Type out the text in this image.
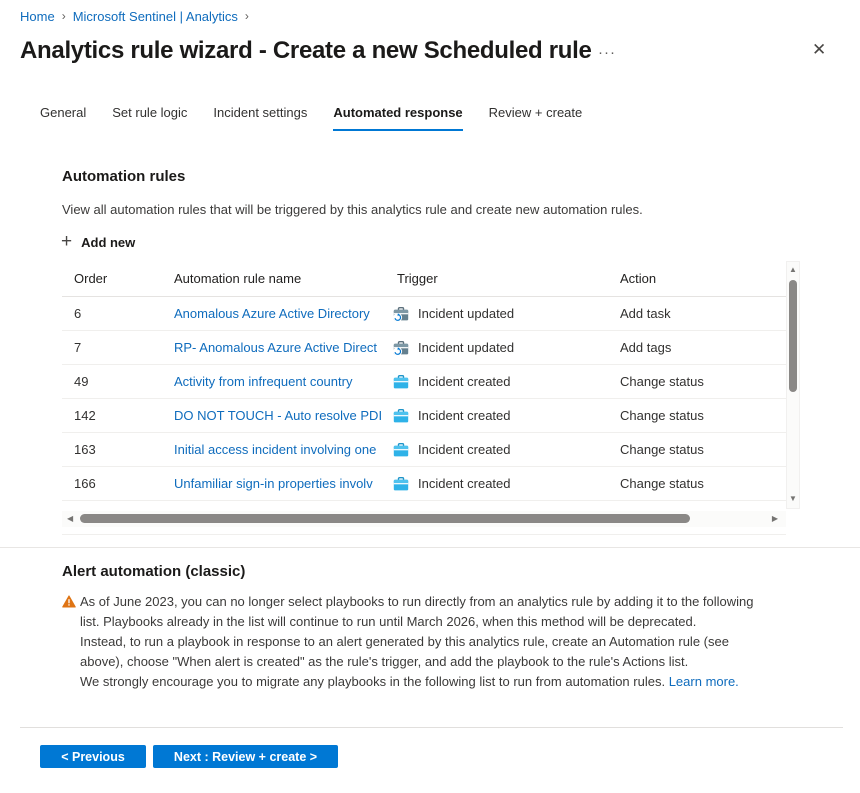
Home › Microsoft Sentinel | Analytics ›
Analytics rule wizard - Create a new Scheduled rule ···	✕
General Set rule logic Incident settings Automated response Review + create
Automation rules
View all automation rules that will be triggered by this analytics rule and create new automation rules.
+ Add new
Order	Automation rule name	Trigger	Action
6	Anomalous Azure Active Directory	Incident updated	Add task
7	RP- Anomalous Azure Active Direct	Incident updated	Add tags
49	Activity from infrequent country	Incident created	Change status
142	DO NOT TOUCH - Auto resolve PDI	Incident created	Change status
163	Initial access incident involving one	Incident created	Change status
166	Unfamiliar sign-in properties involv	Incident created	Change status
▲
▼
◀	▶
Alert automation (classic)
As of June 2023, you can no longer select playbooks to run directly from an analytics rule by adding it to the following
list. Playbooks already in the list will continue to run until March 2026, when this method will be deprecated.
Instead, to run a playbook in response to an alert generated by this analytics rule, create an Automation rule (see
above), choose "When alert is created" as the rule's trigger, and add the playbook to the rule's Actions list.
We strongly encourage you to migrate any playbooks in the following list to run from automation rules. Learn more.
< Previous	Next : Review + create >
